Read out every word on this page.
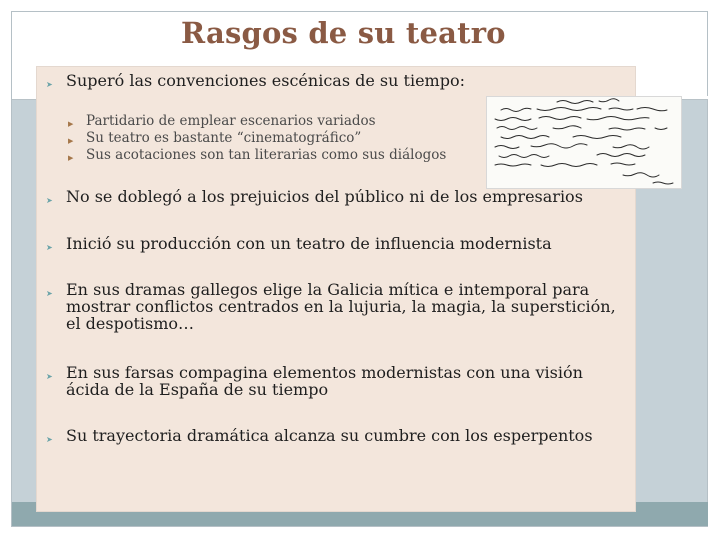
Rasgos de su teatro
➤ Superó las convenciones escénicas de su tiempo:
▶ Partidario de emplear escenarios variados
▶ Su teatro es bastante “cinematográfico”
▶ Sus acotaciones son tan literarias como sus diálogos
➤ No se doblegó a los prejuicios del público ni de los empresarios
➤ Inició su producción con un teatro de influencia modernista
➤ En sus dramas gallegos elige la Galicia mítica e intemporal para
mostrar conflictos centrados en la lujuria, la magia, la superstición,
el despotismo…
➤ En sus farsas compagina elementos modernistas con una visión
ácida de la España de su tiempo
➤ Su trayectoria dramática alcanza su cumbre con los esperpentos
